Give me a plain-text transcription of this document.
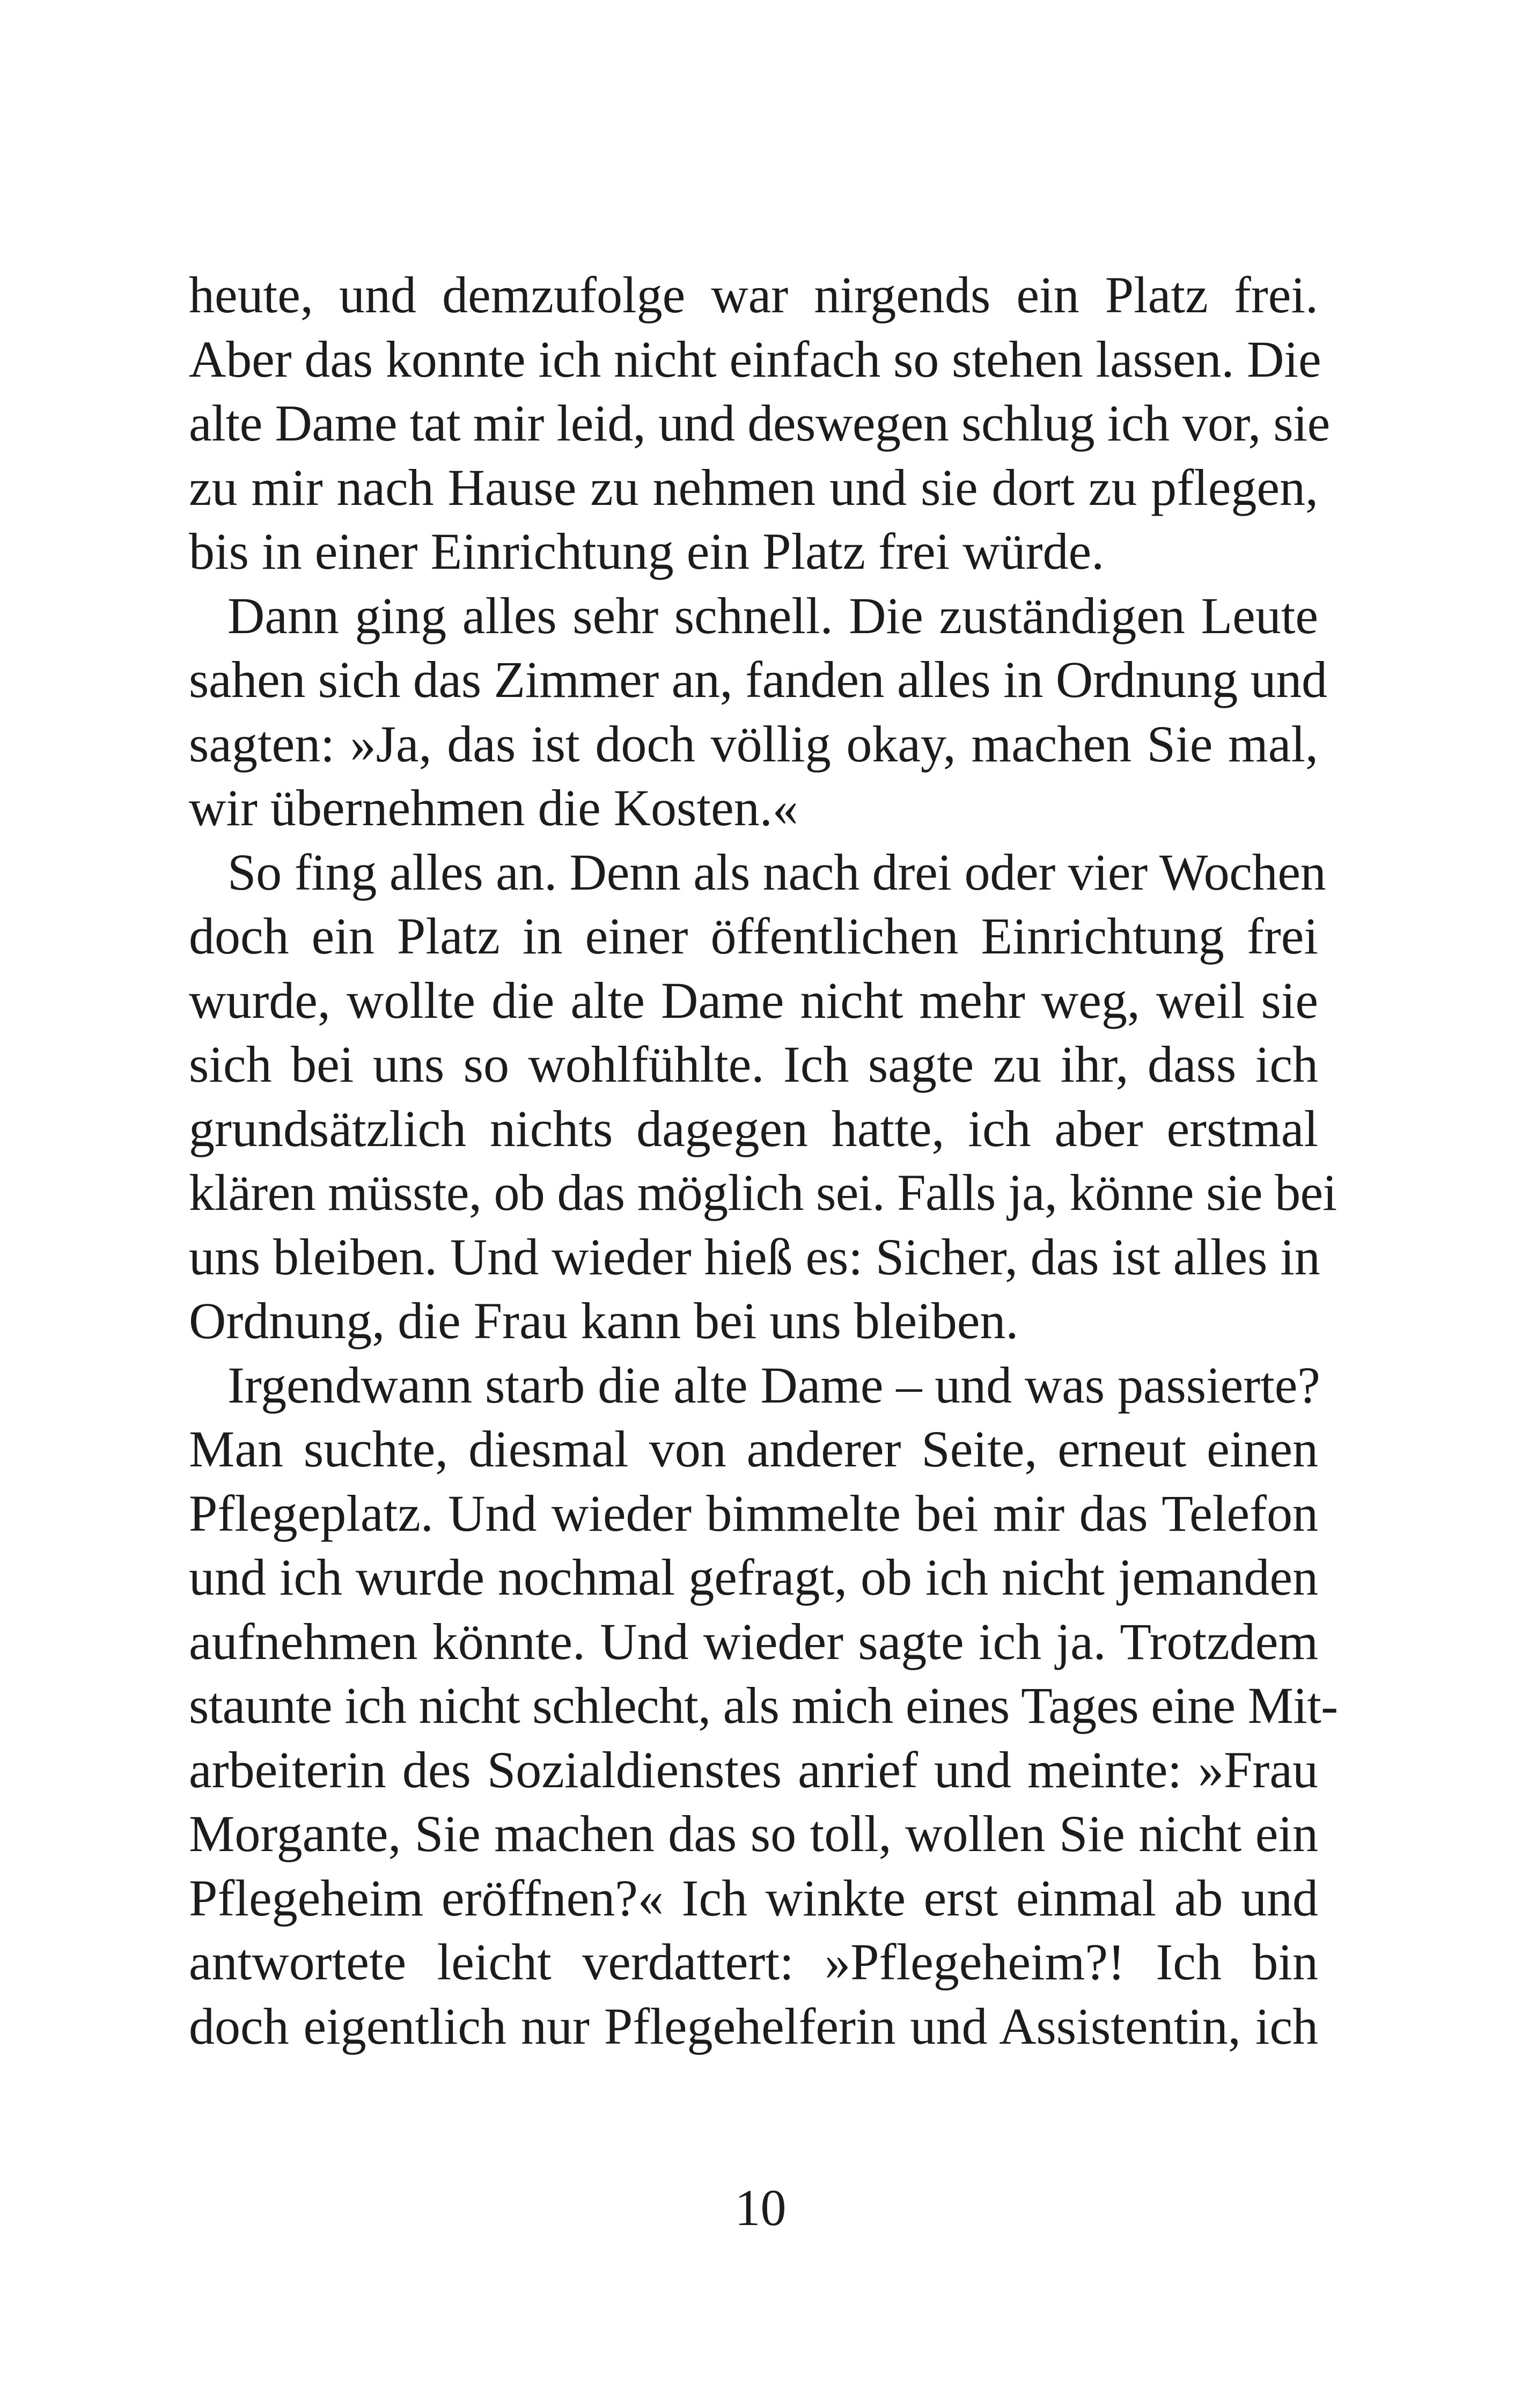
heute, und demzufolge war nirgends ein Platz frei.
Aber das konnte ich nicht einfach so stehen lassen. Die
alte Dame tat mir leid, und deswegen schlug ich vor, sie
zu mir nach Hause zu nehmen und sie dort zu pflegen,
bis in einer Einrichtung ein Platz frei würde.
Dann ging alles sehr schnell. Die zuständigen Leute
sahen sich das Zimmer an, fanden alles in Ordnung und
sagten: »Ja, das ist doch völlig okay, machen Sie mal,
wir übernehmen die Kosten.«
So fing alles an. Denn als nach drei oder vier Wochen
doch ein Platz in einer öffentlichen Einrichtung frei
wurde, wollte die alte Dame nicht mehr weg, weil sie
sich bei uns so wohlfühlte. Ich sagte zu ihr, dass ich
grundsätzlich nichts dagegen hatte, ich aber erstmal
klären müsste, ob das möglich sei. Falls ja, könne sie bei
uns bleiben. Und wieder hieß es: Sicher, das ist alles in
Ordnung, die Frau kann bei uns bleiben.
Irgendwann starb die alte Dame – und was passierte?
Man suchte, diesmal von anderer Seite, erneut einen
Pflegeplatz. Und wieder bimmelte bei mir das Telefon
und ich wurde nochmal gefragt, ob ich nicht jemanden
aufnehmen könnte. Und wieder sagte ich ja. Trotzdem
staunte ich nicht schlecht, als mich eines Tages eine Mit-
arbeiterin des Sozialdienstes anrief und meinte: »Frau
Morgante, Sie machen das so toll, wollen Sie nicht ein
Pflegeheim eröffnen?« Ich winkte erst einmal ab und
antwortete leicht verdattert: »Pflegeheim?! Ich bin
doch eigentlich nur Pflegehelferin und Assistentin, ich
10
